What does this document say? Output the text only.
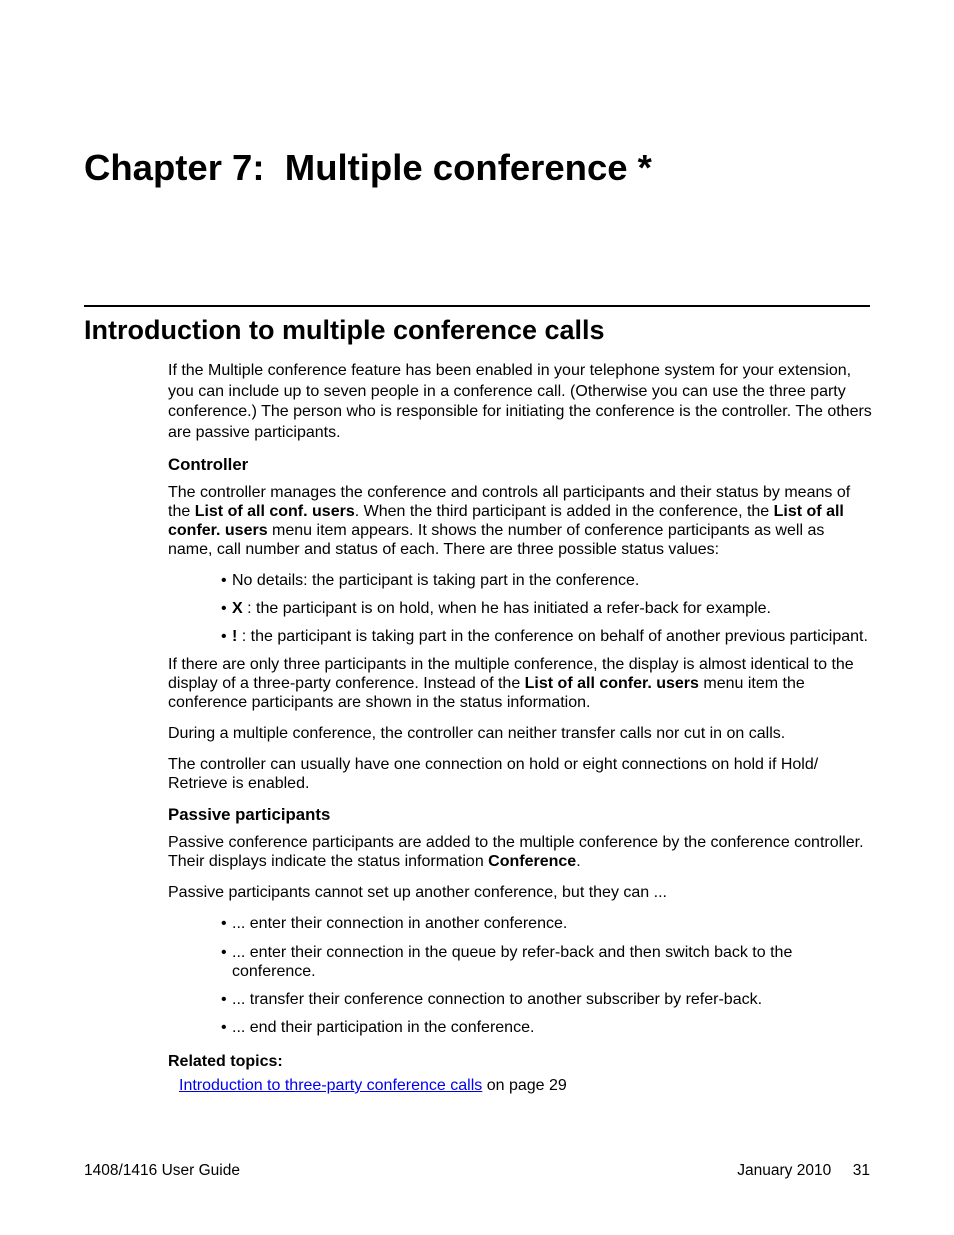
Chapter 7:  Multiple conference *
Introduction to multiple conference calls

If the Multiple conference feature has been enabled in your telephone system for your extension, you can include up to seven people in a conference call. (Otherwise you can use the three party conference.) The person who is responsible for initiating the conference is the controller. The others are passive participants.

Controller

The controller manages the conference and controls all participants and their status by means of the List of all conf. users. When the third participant is added in the conference, the List of all confer. users menu item appears. It shows the number of conference participants as well as name, call number and status of each. There are three possible status values:

• No details: the participant is taking part in the conference.
• X : the participant is on hold, when he has initiated a refer-back for example.
• ! : the participant is taking part in the conference on behalf of another previous participant.

If there are only three participants in the multiple conference, the display is almost identical to the display of a three-party conference. Instead of the List of all confer. users menu item the conference participants are shown in the status information.

During a multiple conference, the controller can neither transfer calls nor cut in on calls.

The controller can usually have one connection on hold or eight connections on hold if Hold/ Retrieve is enabled.

Passive participants

Passive conference participants are added to the multiple conference by the conference controller. Their displays indicate the status information Conference.

Passive participants cannot set up another conference, but they can ...

• ... enter their connection in another conference.
• ... enter their connection in the queue by refer-back and then switch back to the conference.
• ... transfer their conference connection to another subscriber by refer-back.
• ... end their participation in the conference.

Related topics:

Introduction to three-party conference calls on page 29

1408/1416 User Guide	January 2010     31
